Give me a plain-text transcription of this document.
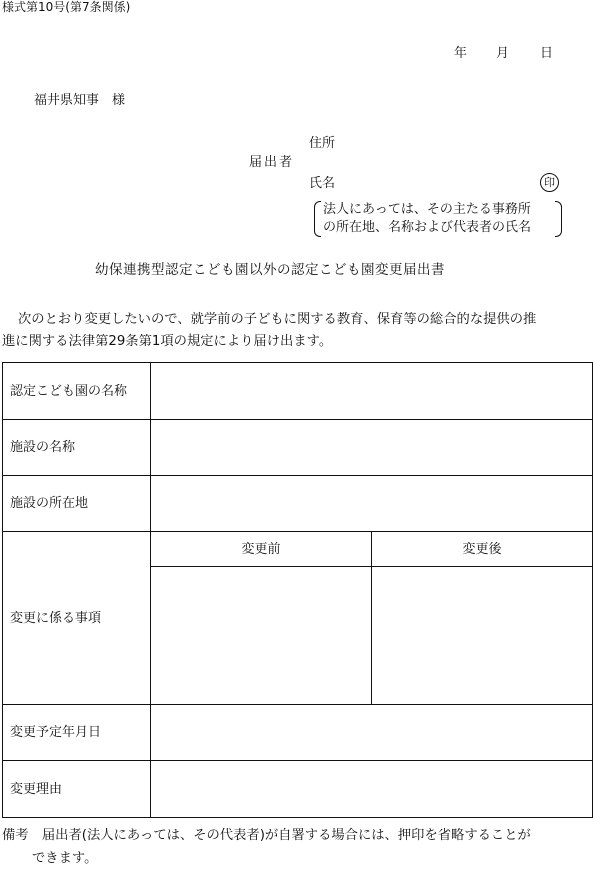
様式第10号(第7条関係)
年 月 日
福井県知事　様
住所
届出者
氏名	印
法人にあっては、その主たる事務所
の所在地、名称および代表者の氏名
幼保連携型認定こども園以外の認定こども園変更届出書
次のとおり変更したいので、就学前の子どもに関する教育、保育等の総合的な提供の推
進に関する法律第29条第1項の規定により届け出ます。
認定こども園の名称		
施設の名称		
施設の所在地		
変更に係る事項	変更前	変更後

変更予定年月日		
変更理由		
備考　届出者(法人にあっては、その代表者)が自署する場合には、押印を省略することが
できます。
